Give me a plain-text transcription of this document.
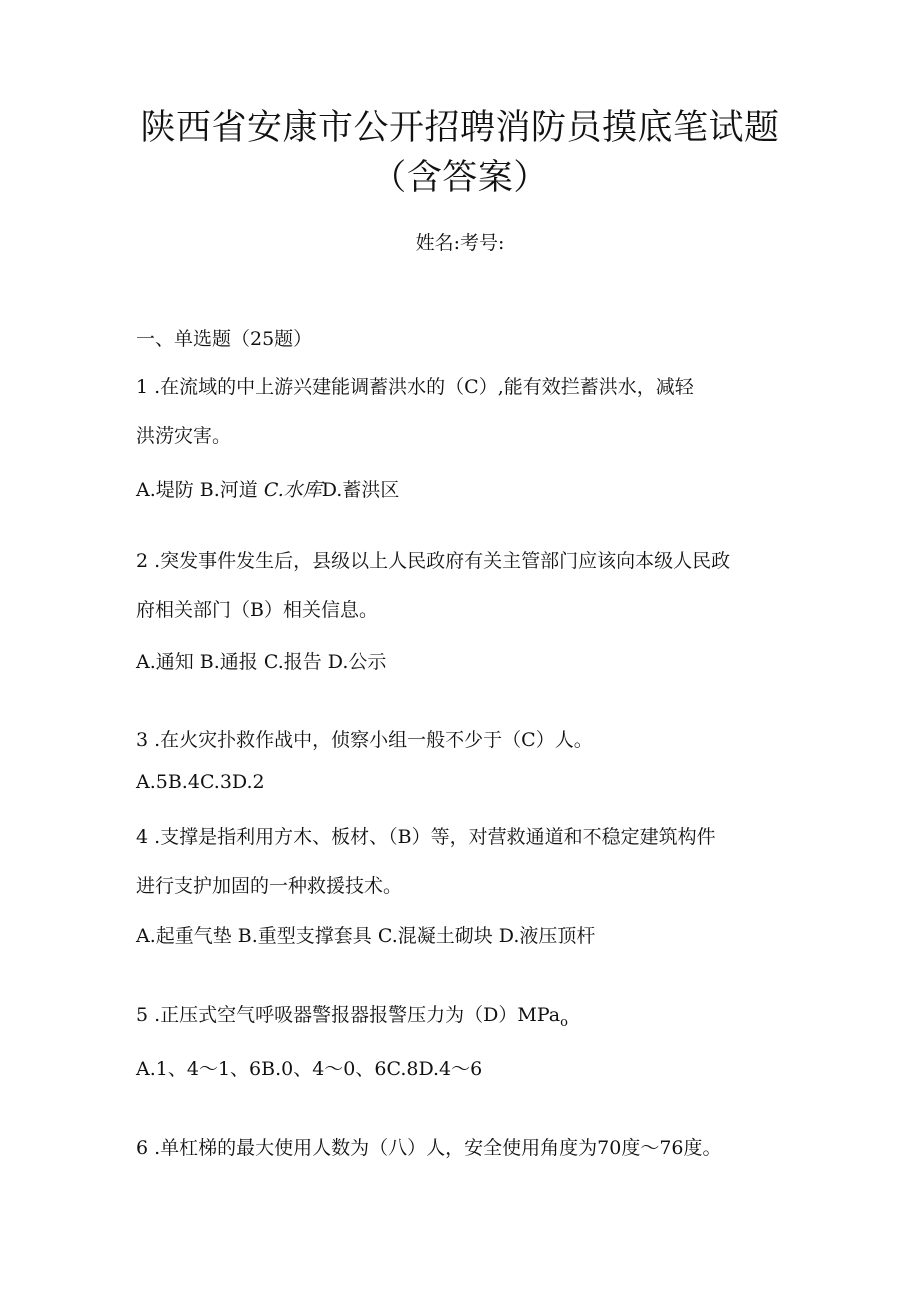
陕西省安康市公开招聘消防员摸底笔试题
（含答案）
姓名:考号:
一、单选题（25题）
1 .在流域的中上游兴建能调蓄洪水的（C）,能有效拦蓄洪水，减轻
洪涝灾害。
A.堤防 B.河道 C.水库D.蓄洪区
2 .突发事件发生后，县级以上人民政府有关主管部门应该向本级人民政
府相关部门（B）相关信息。
A.通知 B.通报 C.报告 D.公示
3 .在火灾扑救作战中，侦察小组一般不少于（C）人。
A.5B.4C.3D.2
4 .支撑是指利用方木、板材、（B）等，对营救通道和不稳定建筑构件
进行支护加固的一种救援技术。
A.起重气垫 B.重型支撑套具 C.混凝土砌块 D.液压顶杆
5 .正压式空气呼吸器警报器报警压力为（D）MPa$_o$
A.1、4～1、6B.0、4～0、6C.8D.4～6
6 .单杠梯的最大使用人数为（八）人，安全使用角度为70度～76度。
